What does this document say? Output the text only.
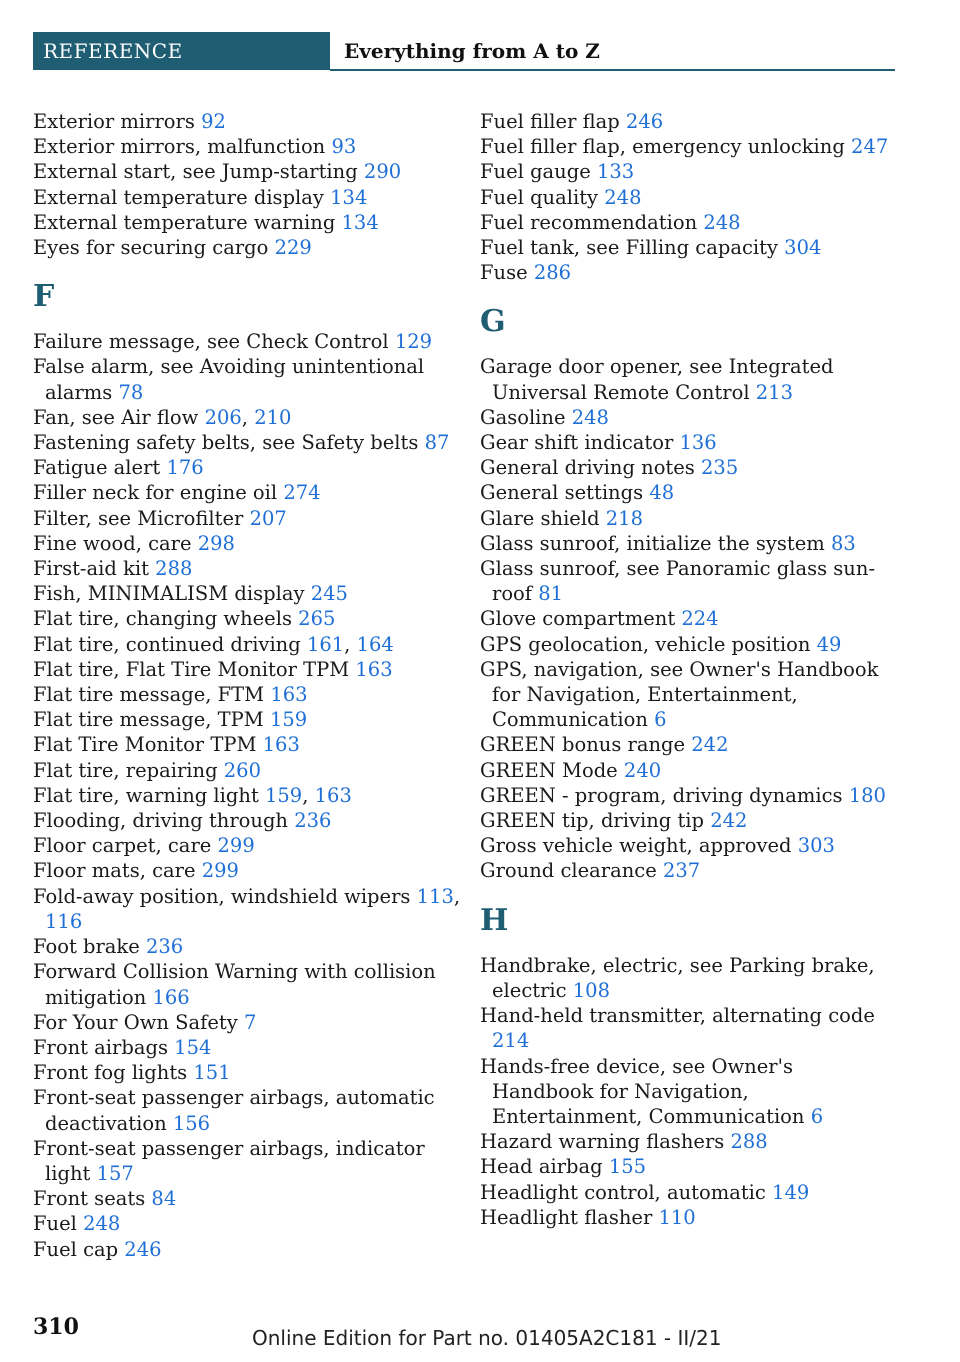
REFERENCE	Everything from A to Z
Exterior mirrors 92
Exterior mirrors, malfunction 93
External start, see Jump-starting 290
External temperature display 134
External temperature warning 134
Eyes for securing cargo 229
F
Failure message, see Check Control 129
False alarm, see Avoiding unintentional alarms 78
Fan, see Air flow 206, 210
Fastening safety belts, see Safety belts 87
Fatigue alert 176
Filler neck for engine oil 274
Filter, see Microfilter 207
Fine wood, care 298
First-aid kit 288
Fish, MINIMALISM display 245
Flat tire, changing wheels 265
Flat tire, continued driving 161, 164
Flat tire, Flat Tire Monitor TPM 163
Flat tire message, FTM 163
Flat tire message, TPM 159
Flat Tire Monitor TPM 163
Flat tire, repairing 260
Flat tire, warning light 159, 163
Flooding, driving through 236
Floor carpet, care 299
Floor mats, care 299
Fold-away position, windshield wipers 113, 116
Foot brake 236
Forward Collision Warning with collision mitigation 166
For Your Own Safety 7
Front airbags 154
Front fog lights 151
Front-seat passenger airbags, automatic deactivation 156
Front-seat passenger airbags, indicator light 157
Front seats 84
Fuel 248
Fuel cap 246
Fuel filler flap 246
Fuel filler flap, emergency unlocking 247
Fuel gauge 133
Fuel quality 248
Fuel recommendation 248
Fuel tank, see Filling capacity 304
Fuse 286
G
Garage door opener, see Integrated Universal Remote Control 213
Gasoline 248
Gear shift indicator 136
General driving notes 235
General settings 48
Glare shield 218
Glass sunroof, initialize the system 83
Glass sunroof, see Panoramic glass sunroof 81
Glove compartment 224
GPS geolocation, vehicle position 49
GPS, navigation, see Owner's Handbook for Navigation, Entertainment, Communication 6
GREEN bonus range 242
GREEN Mode 240
GREEN - program, driving dynamics 180
GREEN tip, driving tip 242
Gross vehicle weight, approved 303
Ground clearance 237
H
Handbrake, electric, see Parking brake, electric 108
Hand-held transmitter, alternating code 214
Hands-free device, see Owner's Handbook for Navigation, Entertainment, Communication 6
Hazard warning flashers 288
Head airbag 155
Headlight control, automatic 149
Headlight flasher 110
310	Online Edition for Part no. 01405A2C181 - II/21
